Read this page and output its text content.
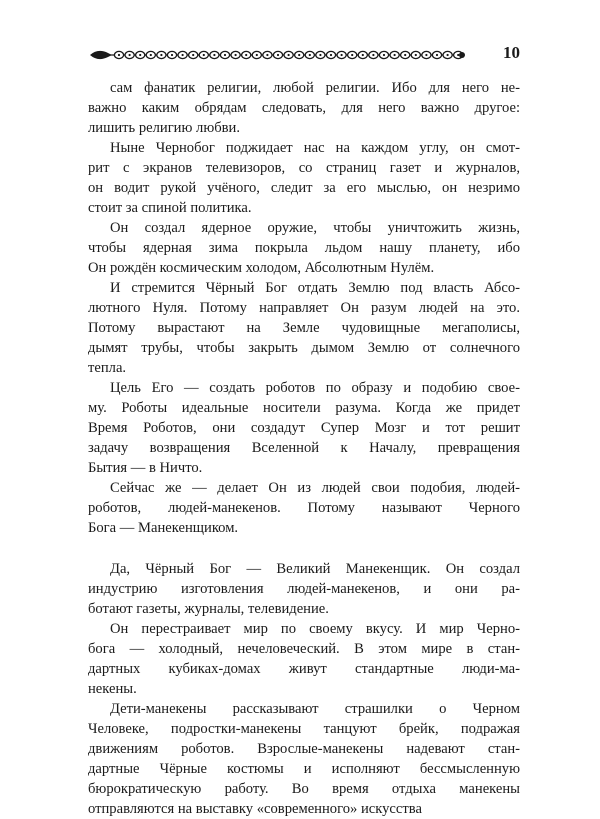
10
сам фанатик религии, любой религии. Ибо для него не-
важно каким обрядам следовать, для него важно другое:
лишить религию любви.
Ныне Чернобог поджидает нас на каждом углу, он смот-
рит с экранов телевизоров, со страниц газет и журналов,
он водит рукой учёного, следит за его мыслью, он незримо
стоит за спиной политика.
Он создал ядерное оружие, чтобы уничтожить жизнь,
чтобы ядерная зима покрыла льдом нашу планету, ибо
Он рождён космическим холодом, Абсолютным Нулём.
И стремится Чёрный Бог отдать Землю под власть Абсо-
лютного Нуля. Потому направляет Он разум людей на это.
Потому вырастают на Земле чудовищные мегаполисы,
дымят трубы, чтобы закрыть дымом Землю от солнечного
тепла.
Цель Его — создать роботов по образу и подобию свое-
му. Роботы идеальные носители разума. Когда же придет
Время Роботов, они создадут Супер Мозг и тот решит
задачу возвращения Вселенной к Началу, превращения
Бытия — в Ничто.
Сейчас же — делает Он из людей свои подобия, людей-
роботов, людей-манекенов. Потому называют Черного
Бога — Манекенщиком.
Да, Чёрный Бог — Великий Манекенщик. Он создал
индустрию изготовления людей-манекенов, и они ра-
ботают газеты, журналы, телевидение.
Он перестраивает мир по своему вкусу. И мир Черно-
бога — холодный, нечеловеческий. В этом мире в стан-
дартных кубиках-домах живут стандартные люди-ма-
некены.
Дети-манекены рассказывают страшилки о Черном
Человеке, подростки-манекены танцуют брейк, подражая
движениям роботов. Взрослые-манекены надевают стан-
дартные Чёрные костюмы и исполняют бессмысленную
бюрократическую работу. Во время отдыха манекены
отправляются на выставку «современного» искусства
